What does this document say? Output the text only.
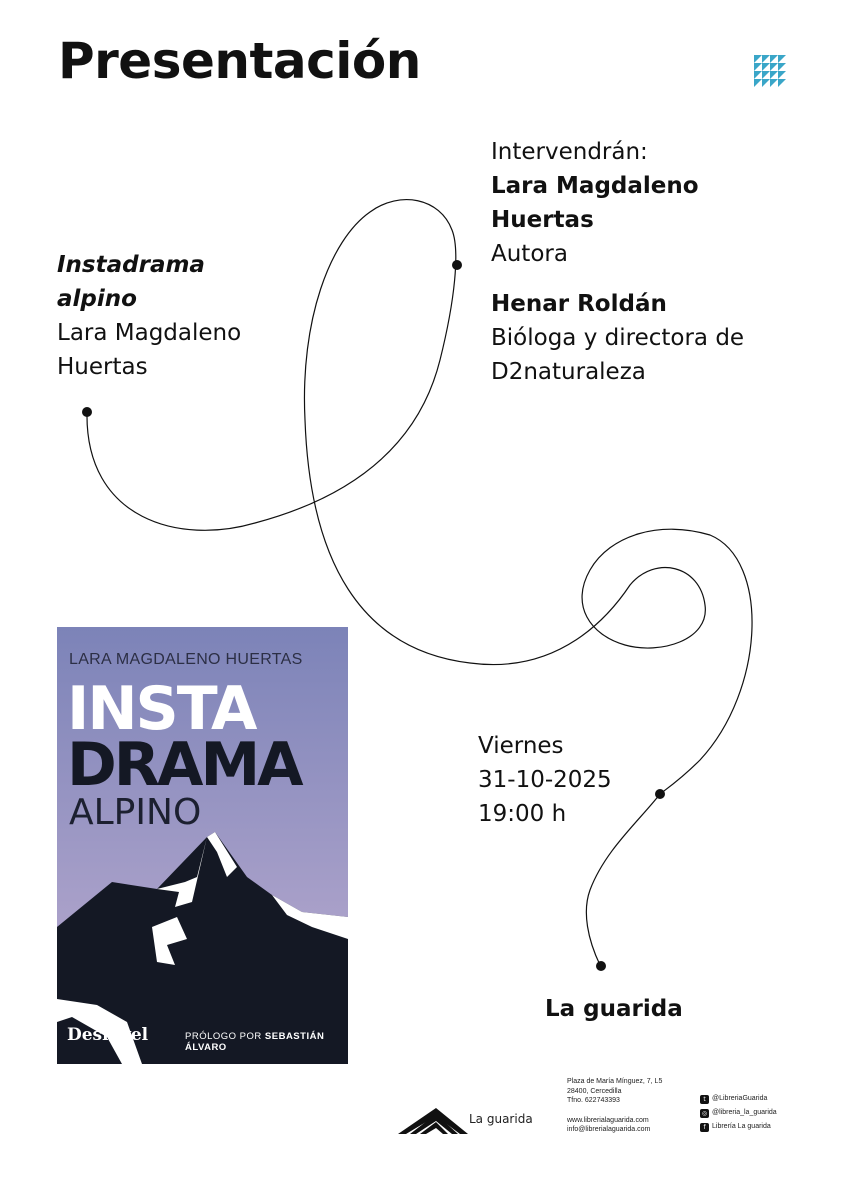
Presentación
Instadrama
alpino
Lara Magdaleno
Huertas
Intervendrán:
Lara Magdaleno
Huertas
Autora
Henar Roldán
Bióloga y directora de
D2naturaleza
Viernes
31-10-2025
19:00 h
La guarida
LARA MAGDALENO HUERTAS
INSTA
DRAMA
ALPINO
Desnivel	PRÓLOGO POR SEBASTIÁN ÁLVARO
La guarida
Plaza de María Mínguez, 7, L5
28400, Cercedilla
Tfno. 622743393
www.librerialaguarida.com
info@librerialaguarida.com
t @LibreriaGuarida
◎ @libreria_la_guarida
f Librería La guarida
